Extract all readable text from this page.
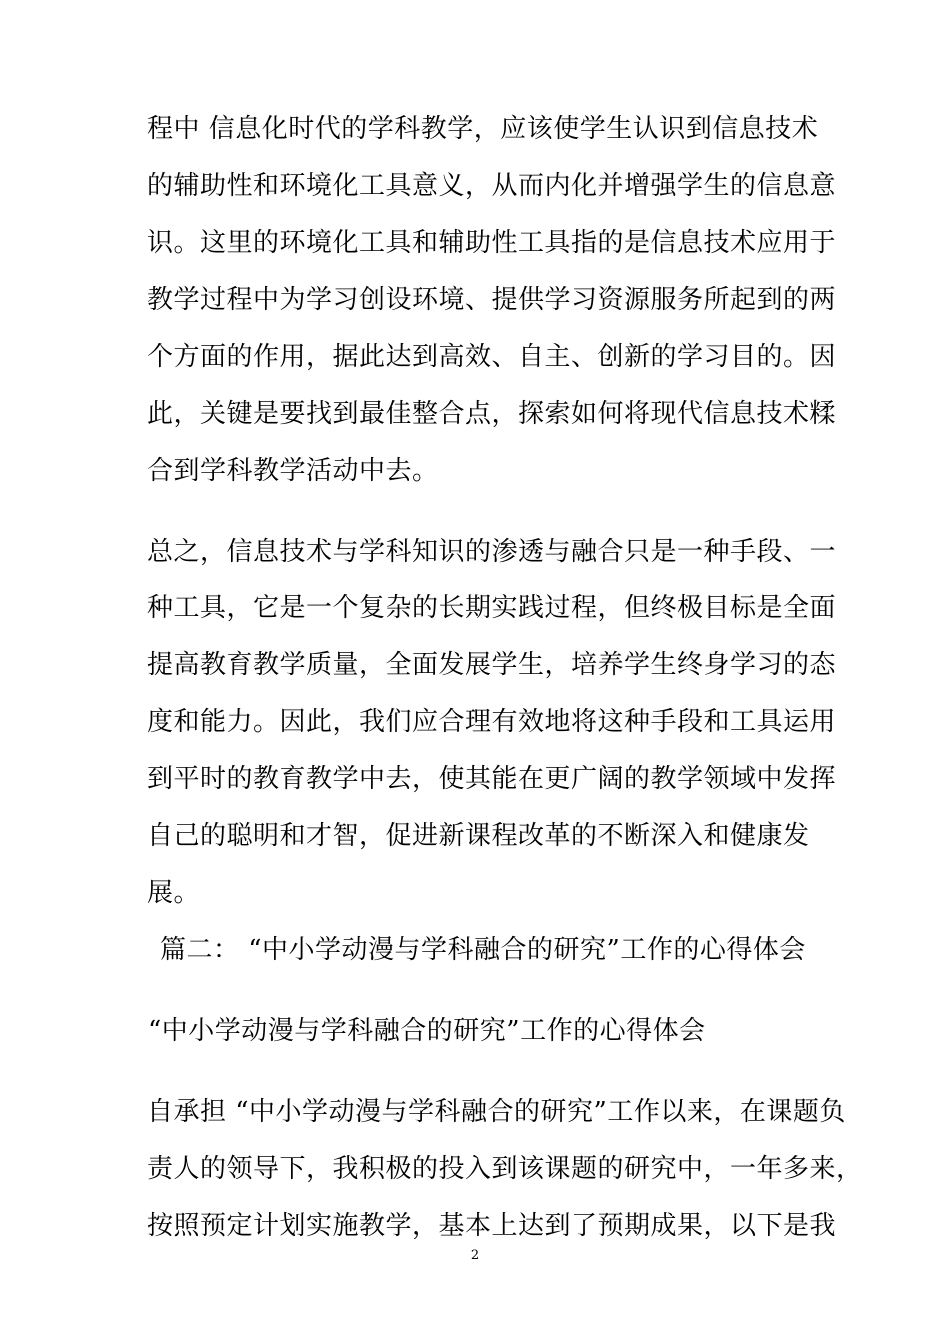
程中 信息化时代的学科教学，应该使学生认识到信息技术
的辅助性和环境化工具意义，从而内化并增强学生的信息意
识。这里的环境化工具和辅助性工具指的是信息技术应用于
教学过程中为学习创设环境、提供学习资源服务所起到的两
个方面的作用，据此达到高效、自主、创新的学习目的。因
此，关键是要找到最佳整合点，探索如何将现代信息技术糅
合到学科教学活动中去。
总之，信息技术与学科知识的渗透与融合只是一种手段、一
种工具，它是一个复杂的长期实践过程，但终极目标是全面
提高教育教学质量，全面发展学生，培养学生终身学习的态
度和能力。因此，我们应合理有效地将这种手段和工具运用
到平时的教育教学中去，使其能在更广阔的教学领域中发挥
自己的聪明和才智，促进新课程改革的不断深入和健康发
展。
篇二： “中小学动漫与学科融合的研究”工作的心得体会
“中小学动漫与学科融合的研究”工作的心得体会
自承担 “中小学动漫与学科融合的研究”工作以来，在课题负
责人的领导下，我积极的投入到该课题的研究中，一年多来，
按照预定计划实施教学，基本上达到了预期成果，以下是我
2
